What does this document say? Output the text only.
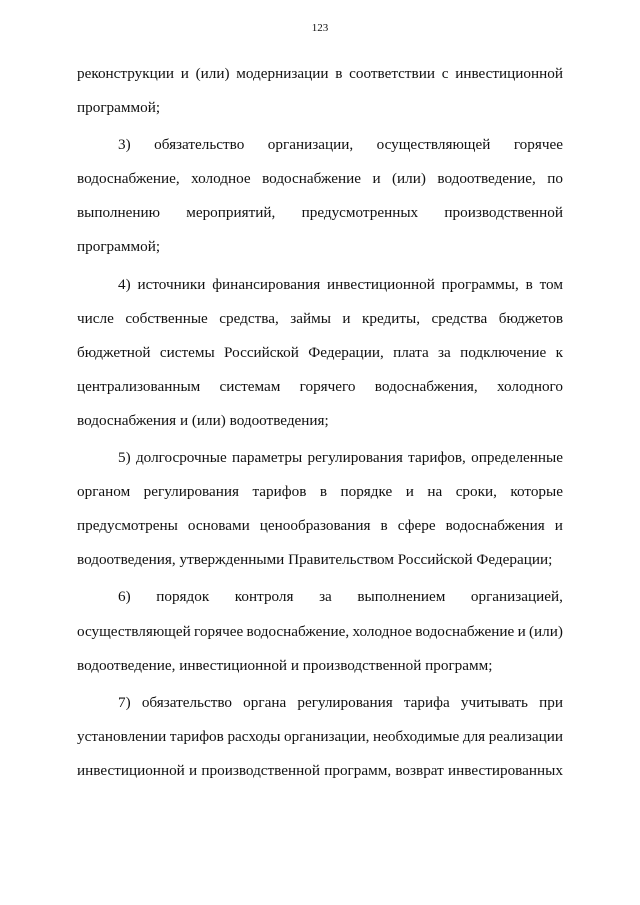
123
реконструкции и (или) модернизации в соответствии с инвестиционной
программой;
3) обязательство организации, осуществляющей горячее
водоснабжение, холодное водоснабжение и (или) водоотведение, по
выполнению мероприятий, предусмотренных производственной
программой;
4) источники финансирования инвестиционной программы, в том
числе собственные средства, займы и кредиты, средства бюджетов
бюджетной системы Российской Федерации, плата за подключение к
централизованным системам горячего водоснабжения, холодного
водоснабжения и (или) водоотведения;
5) долгосрочные параметры регулирования тарифов, определенные
органом регулирования тарифов в порядке и на сроки, которые
предусмотрены основами ценообразования в сфере водоснабжения и
водоотведения, утвержденными Правительством Российской Федерации;
6) порядок контроля за выполнением организацией,
осуществляющей горячее водоснабжение, холодное водоснабжение и (или)
водоотведение, инвестиционной и производственной программ;
7) обязательство органа регулирования тарифа учитывать при
установлении тарифов расходы организации, необходимые для реализации
инвестиционной и производственной программ, возврат инвестированных
